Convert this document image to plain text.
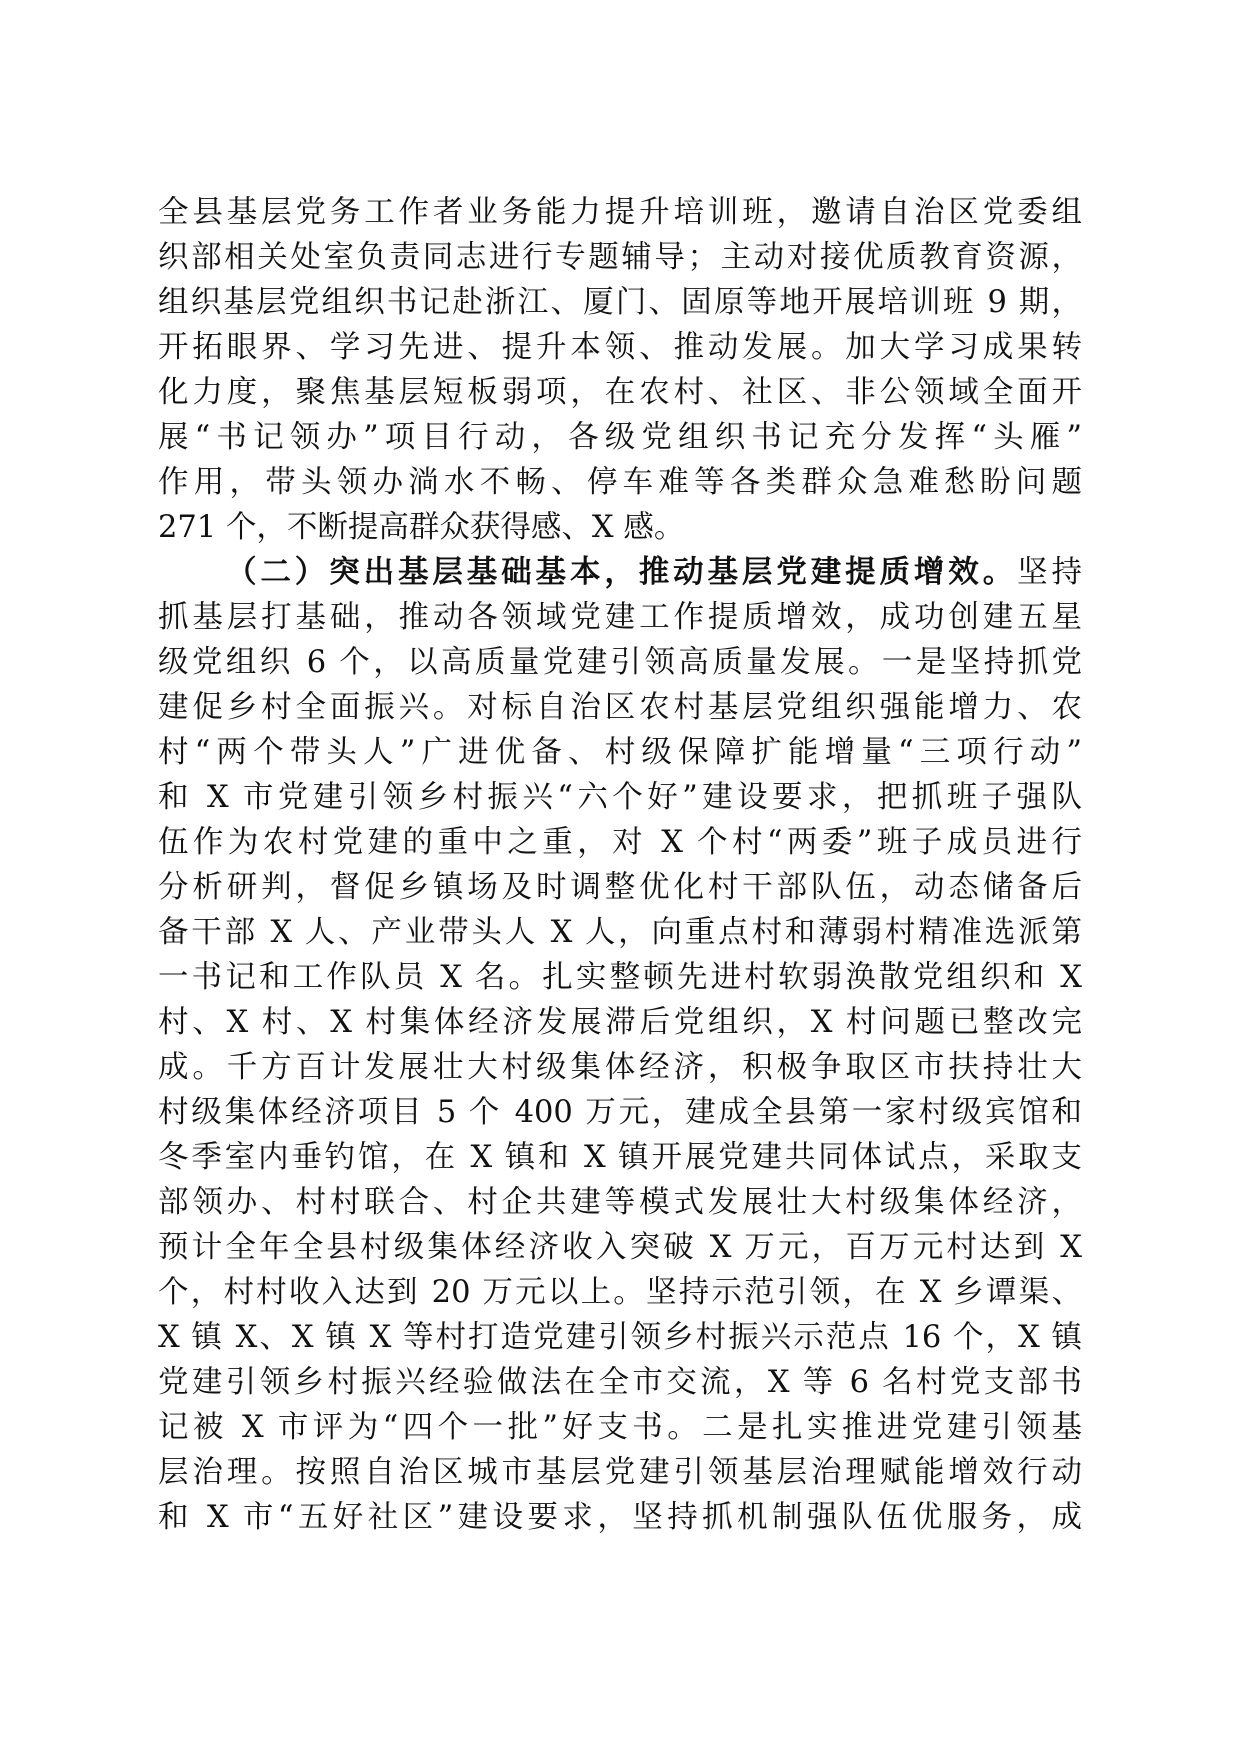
全县基层党务工作者业务能力提升培训班，邀请自治区党委组
织部相关处室负责同志进行专题辅导；主动对接优质教育资源，
组织基层党组织书记赴浙江、厦门、固原等地开展培训班 9 期，
开拓眼界、学习先进、提升本领、推动发展。加大学习成果转
化力度，聚焦基层短板弱项，在农村、社区、非公领域全面开
展“书记领办”项目行动，各级党组织书记充分发挥“头雁”
作用，带头领办淌水不畅、停车难等各类群众急难愁盼问题
271 个，不断提高群众获得感、X 感。
（二）突出基层基础基本，推动基层党建提质增效。坚持
抓基层打基础，推动各领域党建工作提质增效，成功创建五星
级党组织 6 个，以高质量党建引领高质量发展。一是坚持抓党
建促乡村全面振兴。对标自治区农村基层党组织强能增力、农
村“两个带头人”广进优备、村级保障扩能增量“三项行动”
和 X 市党建引领乡村振兴“六个好”建设要求，把抓班子强队
伍作为农村党建的重中之重，对 X 个村“两委”班子成员进行
分析研判，督促乡镇场及时调整优化村干部队伍，动态储备后
备干部 X 人、产业带头人 X 人，向重点村和薄弱村精准选派第
一书记和工作队员 X 名。扎实整顿先进村软弱涣散党组织和 X
村、X 村、X 村集体经济发展滞后党组织，X 村问题已整改完
成。千方百计发展壮大村级集体经济，积极争取区市扶持壮大
村级集体经济项目 5 个 400 万元，建成全县第一家村级宾馆和
冬季室内垂钓馆，在 X 镇和 X 镇开展党建共同体试点，采取支
部领办、村村联合、村企共建等模式发展壮大村级集体经济，
预计全年全县村级集体经济收入突破 X 万元，百万元村达到 X
个，村村收入达到 20 万元以上。坚持示范引领，在 X 乡谭渠、
X 镇 X、X 镇 X 等村打造党建引领乡村振兴示范点 16 个，X 镇
党建引领乡村振兴经验做法在全市交流，X 等 6 名村党支部书
记被 X 市评为“四个一批”好支书。二是扎实推进党建引领基
层治理。按照自治区城市基层党建引领基层治理赋能增效行动
和 X 市“五好社区”建设要求，坚持抓机制强队伍优服务，成
